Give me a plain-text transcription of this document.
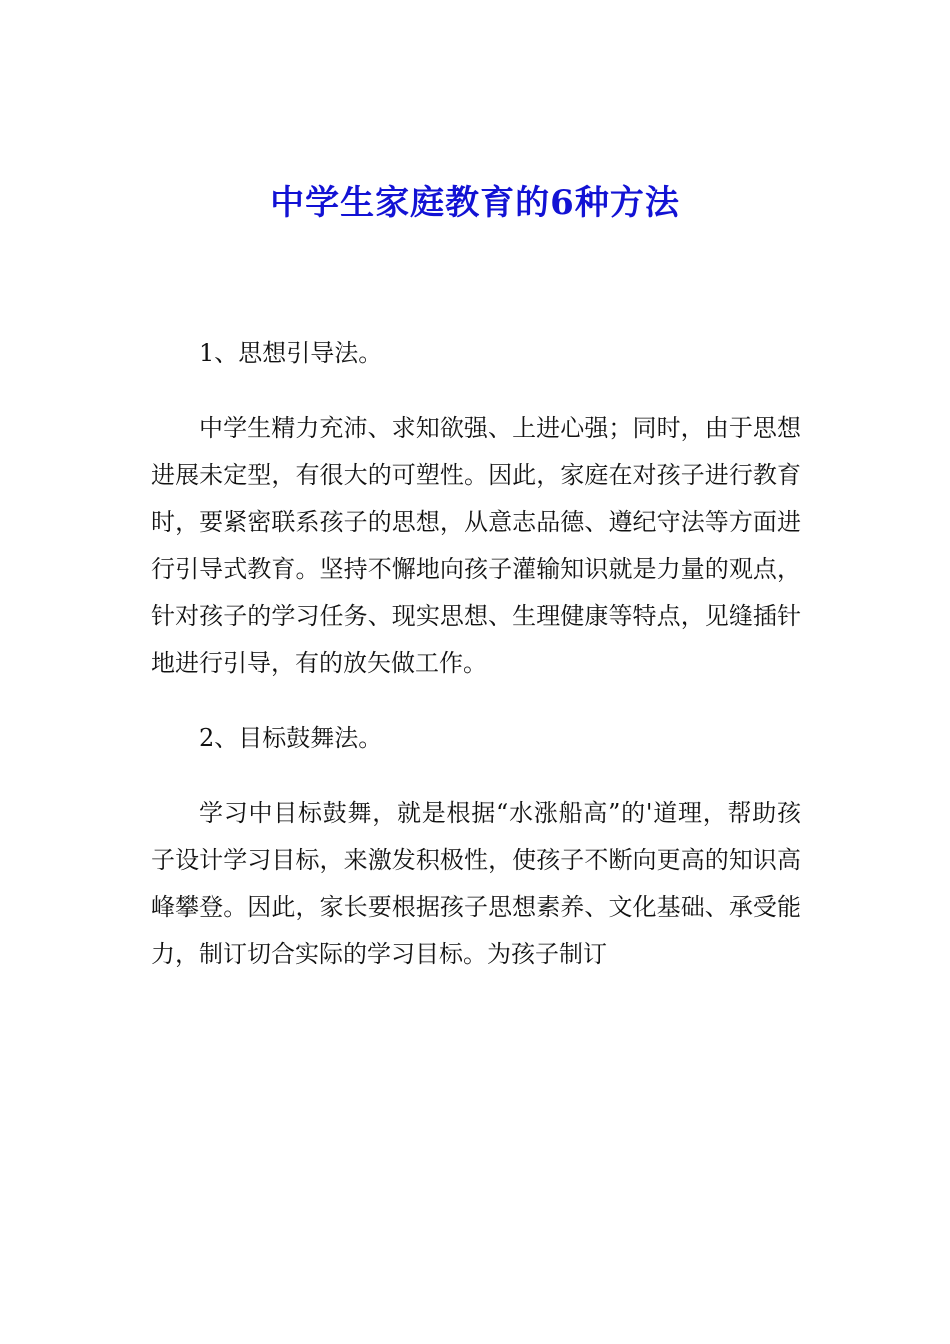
中学生家庭教育的6种方法

1、思想引导法。

中学生精力充沛、求知欲强、上进心强；同时，由于思想进展未定型，有很大的可塑性。因此，家庭在对孩子进行教育时，要紧密联系孩子的思想，从意志品德、遵纪守法等方面进行引导式教育。坚持不懈地向孩子灌输知识就是力量的观点，针对孩子的学习任务、现实思想、生理健康等特点，见缝插针地进行引导，有的放矢做工作。

2、目标鼓舞法。

学习中目标鼓舞，就是根据“水涨船高”的'道理，帮助孩子设计学习目标，来激发积极性，使孩子不断向更高的知识高峰攀登。因此，家长要根据孩子思想素养、文化基础、承受能力，制订切合实际的学习目标。为孩子制订
